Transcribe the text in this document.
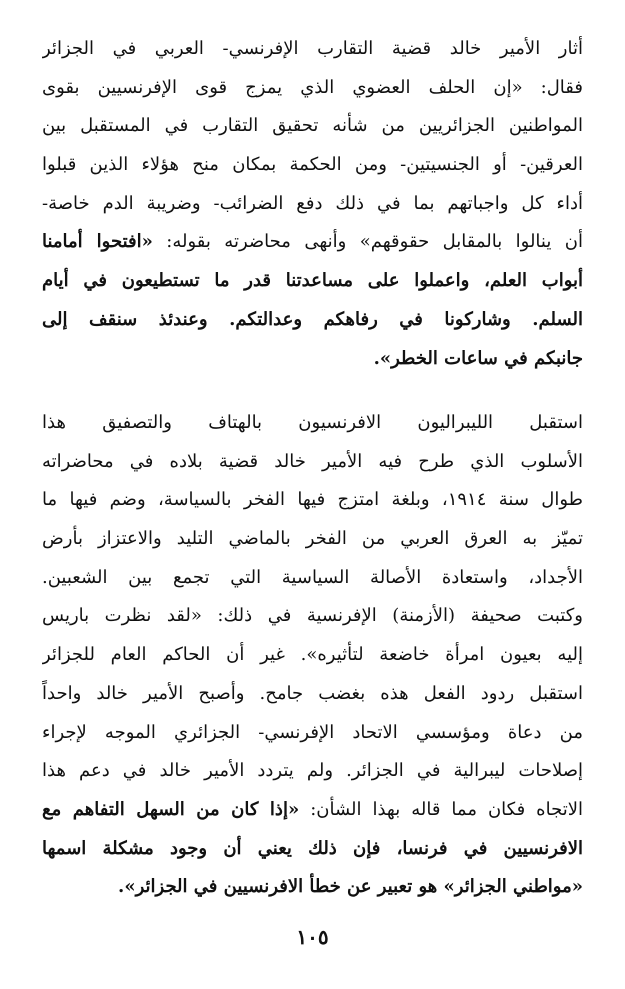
أثار الأمير خالد قضية التقارب الإفرنسي- العربي في الجزائر
فقال: «إن الحلف العضوي الذي يمزج قوى الإفرنسيين بقوى
المواطنين الجزائريين من شأنه تحقيق التقارب في المستقبل بين
العرقين- أو الجنسيتين- ومن الحكمة بمكان منح هؤلاء الذين قبلوا
أداء كل واجباتهم بما في ذلك دفع الضرائب- وضريبة الدم خاصة-
أن ينالوا بالمقابل حقوقهم» وأنهى محاضرته بقوله: «افتحوا أمامنا
أبواب العلم، واعملوا على مساعدتنا قدر ما تستطيعون في أيام
السلم. وشاركونا في رفاهكم وعدالتكم. وعندئذ سنقف إلى
جانبكم في ساعات الخطر».
استقبل الليبراليون الافرنسيون بالهتاف والتصفيق هذا
الأسلوب الذي طرح فيه الأمير خالد قضية بلاده في محاضراته
طوال سنة ١٩١٤، وبلغة امتزج فيها الفخر بالسياسة، وضم فيها ما
تميّز به العرق العربي من الفخر بالماضي التليد والاعتزاز بأرض
الأجداد، واستعادة الأصالة السياسية التي تجمع بين الشعبين.
وكتبت صحيفة (الأزمنة) الإفرنسية في ذلك: «لقد نظرت باريس
إليه بعيون امرأة خاضعة لتأثيره». غير أن الحاكم العام للجزائر
استقبل ردود الفعل هذه بغضب جامح. وأصبح الأمير خالد واحداً
من دعاة ومؤسسي الاتحاد الإفرنسي- الجزائري الموجه لإجراء
إصلاحات ليبرالية في الجزائر. ولم يتردد الأمير خالد في دعم هذا
الاتجاه فكان مما قاله بهذا الشأن: «إذا كان من السهل التفاهم مع
الافرنسيين في فرنسا، فإن ذلك يعني أن وجود مشكلة اسمها
«مواطني الجزائر» هو تعبير عن خطأ الافرنسيين في الجزائر».
١٠٥
